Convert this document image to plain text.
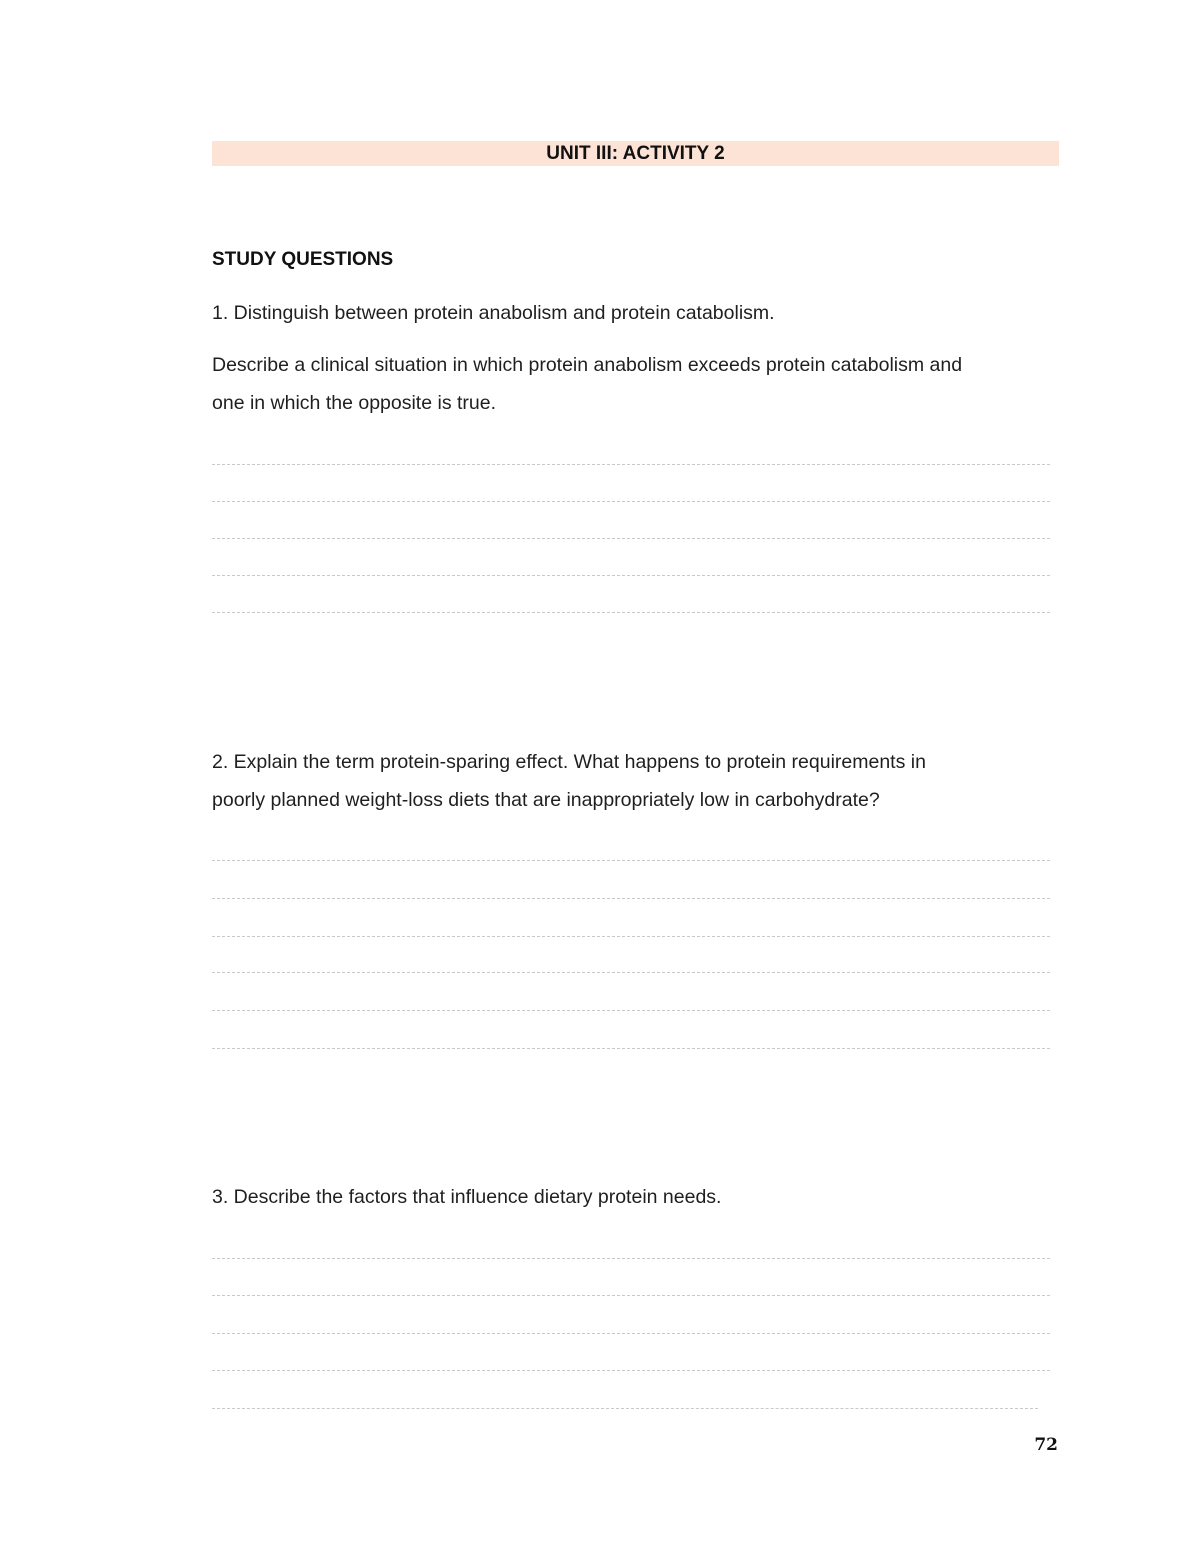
UNIT III: ACTIVITY 2
STUDY QUESTIONS
1. Distinguish between protein anabolism and protein catabolism.
Describe a clinical situation in which protein anabolism exceeds protein catabolism and
one in which the opposite is true.
2. Explain the term protein-sparing effect. What happens to protein requirements in
poorly planned weight-loss diets that are inappropriately low in carbohydrate?
3. Describe the factors that influence dietary protein needs.
72
